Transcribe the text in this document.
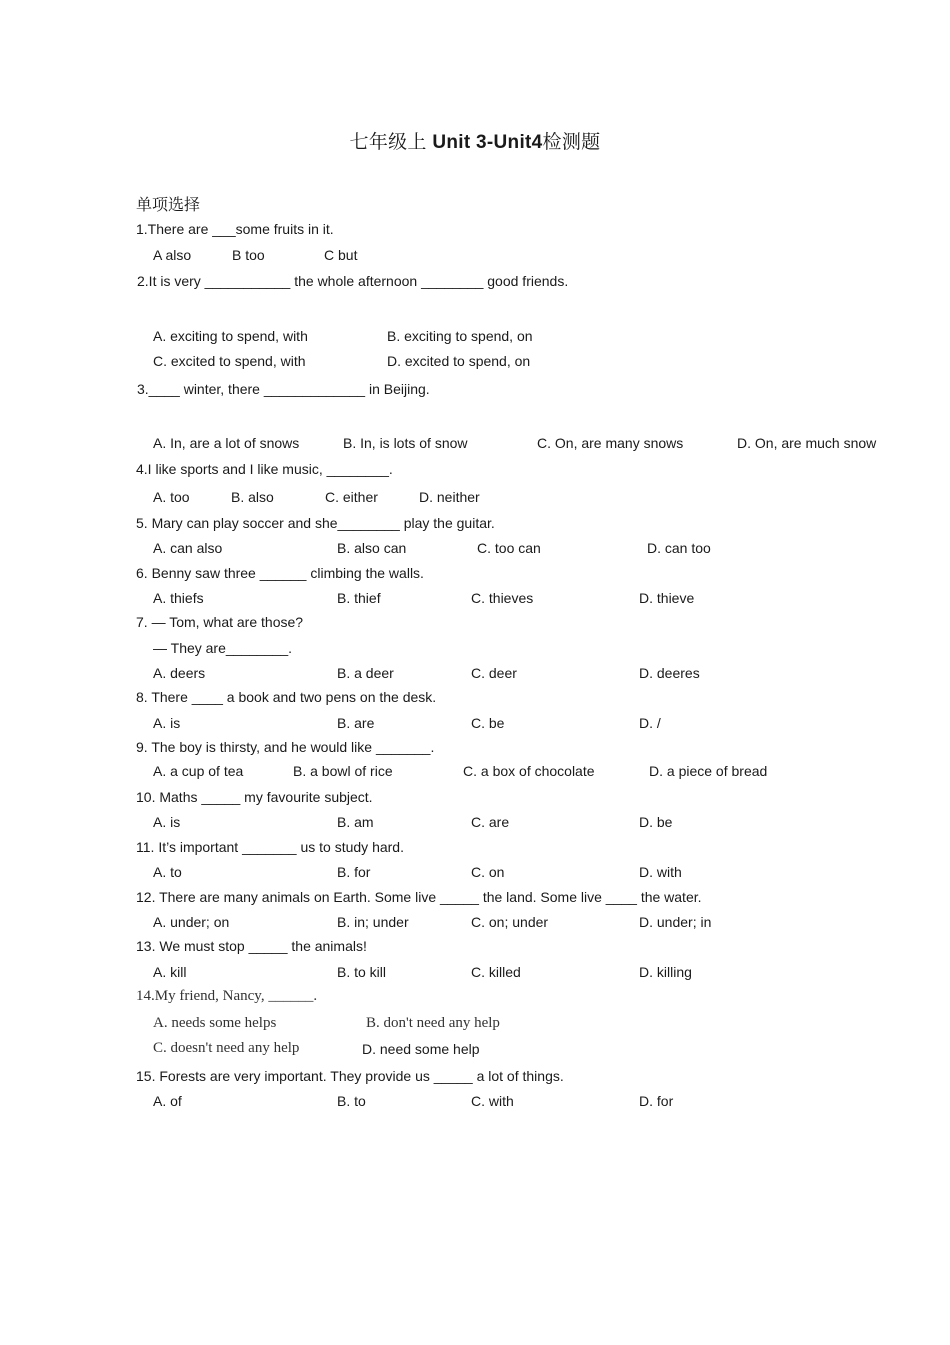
七年级上 Unit 3-Unit4检测题
单项选择
1.There are ___some fruits in it.
A also	B too	C but
2.It is very ___________ the whole afternoon ________ good friends.
A. exciting to spend, with	B. exciting to spend, on
C. excited to spend, with	D. excited to spend, on
3.____ winter, there _____________ in Beijing.
A. In, are a lot of snows	B. In, is lots of snow	C. On, are many snows	D. On, are much snow
4.I like sports and I like music, ________.
A. too	B. also	C. either	D. neither
5. Mary can play soccer and she________ play the guitar.
A. can also	B. also can	C. too can	D. can too
6. Benny saw three ______ climbing the walls.
A. thiefs	B. thief	C. thieves	D. thieve
7. — Tom, what are those?
— They are________.
A. deers	B. a deer	C. deer	D. deeres
8. There ____ a book and two pens on the desk.
A. is	B. are	C. be	D. /
9. The boy is thirsty, and he would like _______.
A. a cup of tea	B. a bowl of rice	C. a box of chocolate	D. a piece of bread
10. Maths _____ my favourite subject.
A. is	B. am	C. are	D. be
11. It’s important _______ us to study hard.
A. to	B. for	C. on	D. with
12. There are many animals on Earth. Some live _____ the land. Some live ____ the water.
A. under; on	B. in; under	C. on; under	D. under; in
13. We must stop _____ the animals!
A. kill	B. to kill	C. killed	D. killing
14.My friend, Nancy, ______.
A. needs some helps	B. don't need any help
C. doesn't need any help	D. need some help
15. Forests are very important. They provide us _____ a lot of things.
A. of	B. to	C. with	D. for
